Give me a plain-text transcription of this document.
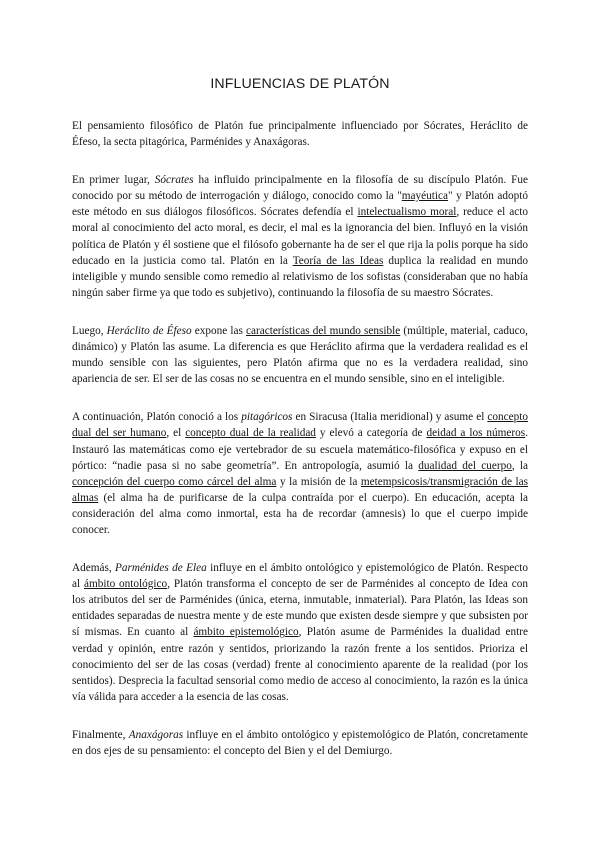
INFLUENCIAS DE PLATÓN

El pensamiento filosófico de Platón fue principalmente influenciado por Sócrates, Heráclito de Éfeso, la secta pitagórica, Parménides y Anaxágoras.

En primer lugar, Sócrates ha influido principalmente en la filosofía de su discípulo Platón. Fue conocido por su método de interrogación y diálogo, conocido como la "mayéutica" y Platón adoptó este método en sus diálogos filosóficos. Sócrates defendía el intelectualismo moral, reduce el acto moral al conocimiento del acto moral, es decir, el mal es la ignorancia del bien. Influyó en la visión política de Platón y él sostiene que el filósofo gobernante ha de ser el que rija la polis porque ha sido educado en la justicia como tal. Platón en la Teoría de las Ideas duplica la realidad en mundo inteligible y mundo sensible como remedio al relativismo de los sofistas (consideraban que no había ningún saber firme ya que todo es subjetivo), continuando la filosofía de su maestro Sócrates.

Luego, Heráclito de Éfeso expone las características del mundo sensible (múltiple, material, caduco, dinámico) y Platón las asume. La diferencia es que Heráclito afirma que la verdadera realidad es el mundo sensible con las siguientes, pero Platón afirma que no es la verdadera realidad, sino apariencia de ser. El ser de las cosas no se encuentra en el mundo sensible, sino en el inteligible.

A continuación, Platón conoció a los pitagóricos en Siracusa (Italia meridional) y asume el concepto dual del ser humano, el concepto dual de la realidad y elevó a categoría de deidad a los números. Instauró las matemáticas como eje vertebrador de su escuela matemático-filosófica y expuso en el pórtico: “nadie pasa si no sabe geometría”. En antropología, asumió la dualidad del cuerpo, la concepción del cuerpo como cárcel del alma y la misión de la metempsicosis/transmigración de las almas (el alma ha de purificarse de la culpa contraída por el cuerpo). En educación, acepta la consideración del alma como inmortal, esta ha de recordar (amnesis) lo que el cuerpo impide conocer.

Además, Parménides de Elea influye en el ámbito ontológico y epistemológico de Platón. Respecto al ámbito ontológico, Platón transforma el concepto de ser de Parménides al concepto de Idea con los atributos del ser de Parménides (única, eterna, inmutable, inmaterial). Para Platón, las Ideas son entidades separadas de nuestra mente y de este mundo que existen desde siempre y que subsisten por sí mismas. En cuanto al ámbito epistemológico, Platón asume de Parménides la dualidad entre verdad y opinión, entre razón y sentidos, priorizando la razón frente a los sentidos. Prioriza el conocimiento del ser de las cosas (verdad) frente al conocimiento aparente de la realidad (por los sentidos). Desprecia la facultad sensorial como medio de acceso al conocimiento, la razón es la única vía válida para acceder a la esencia de las cosas.

Finalmente, Anaxágoras influye en el ámbito ontológico y epistemológico de Platón, concretamente en dos ejes de su pensamiento: el concepto del Bien y el del Demiurgo.
